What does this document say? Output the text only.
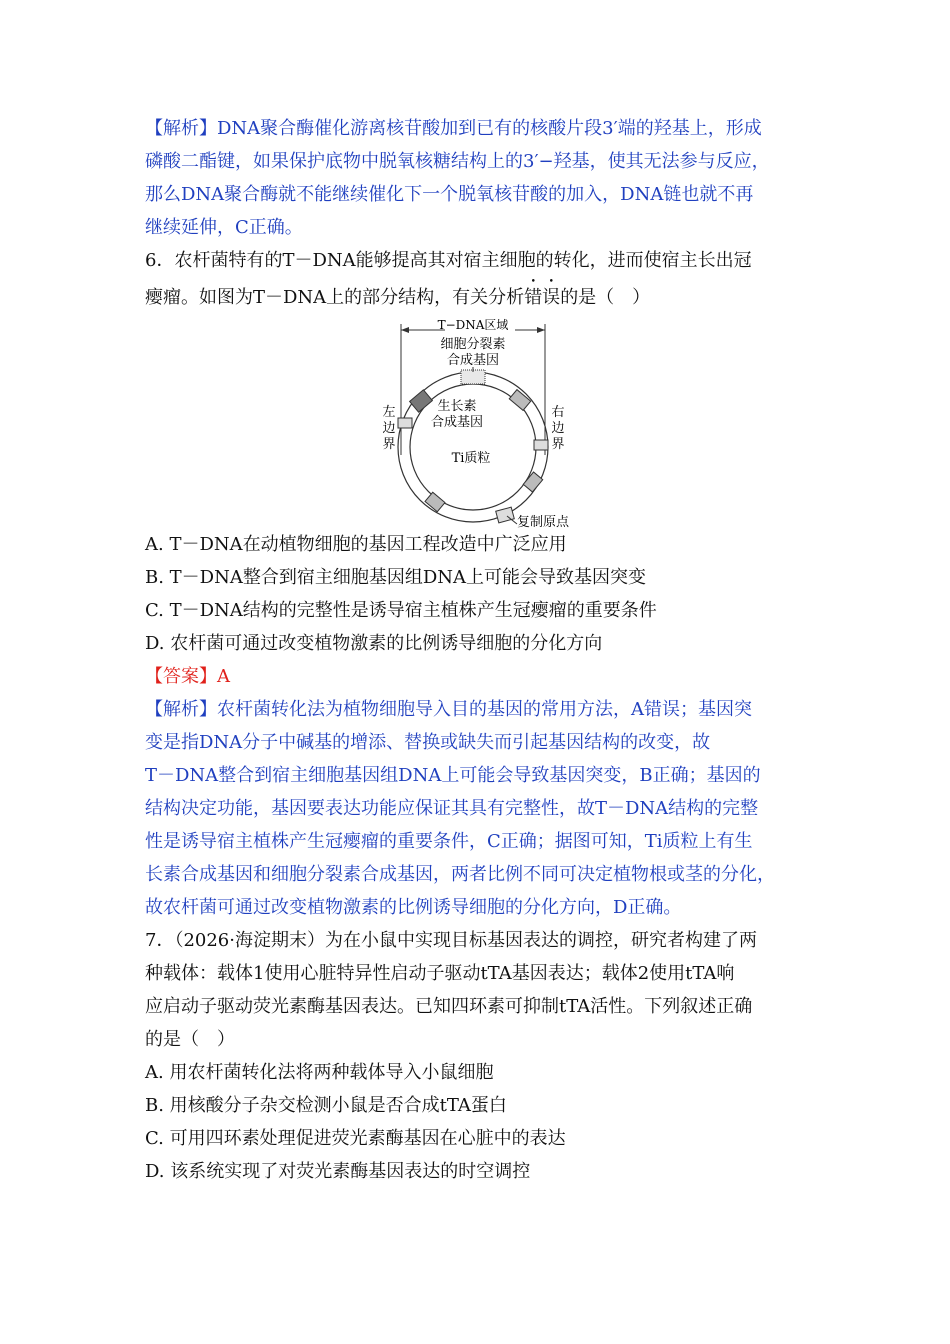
【解析】DNA聚合酶催化游离核苷酸加到已有的核酸片段3′端的羟基上，形成
磷酸二酯键，如果保护底物中脱氧核糖结构上的3′−羟基，使其无法参与反应，
那么DNA聚合酶就不能继续催化下一个脱氧核苷酸的加入，DNA链也就不再
继续延伸，C正确。
6．农杆菌特有的T－DNA能够提高其对宿主细胞的转化，进而使宿主长出冠
瘿瘤。如图为T－DNA上的部分结构，有关分析错误的是（　）
T−DNA区域
细胞分裂素
合成基因
生长素
合成基因
Ti质粒
左
边
界
右
边
界
复制原点
A. T－DNA在动植物细胞的基因工程改造中广泛应用
B. T－DNA整合到宿主细胞基因组DNA上可能会导致基因突变
C. T－DNA结构的完整性是诱导宿主植株产生冠瘿瘤的重要条件
D. 农杆菌可通过改变植物激素的比例诱导细胞的分化方向
【答案】A
【解析】农杆菌转化法为植物细胞导入目的基因的常用方法，A错误；基因突
变是指DNA分子中碱基的增添、替换或缺失而引起基因结构的改变，故
T－DNA整合到宿主细胞基因组DNA上可能会导致基因突变，B正确；基因的
结构决定功能，基因要表达功能应保证其具有完整性，故T－DNA结构的完整
性是诱导宿主植株产生冠瘿瘤的重要条件，C正确；据图可知，Ti质粒上有生
长素合成基因和细胞分裂素合成基因，两者比例不同可决定植物根或茎的分化，
故农杆菌可通过改变植物激素的比例诱导细胞的分化方向，D正确。
7．（2026·海淀期末）为在小鼠中实现目标基因表达的调控，研究者构建了两
种载体：载体1使用心脏特异性启动子驱动tTA基因表达；载体2使用tTA响
应启动子驱动荧光素酶基因表达。已知四环素可抑制tTA活性。下列叙述正确
的是（　）
A. 用农杆菌转化法将两种载体导入小鼠细胞
B. 用核酸分子杂交检测小鼠是否合成tTA蛋白
C. 可用四环素处理促进荧光素酶基因在心脏中的表达
D. 该系统实现了对荧光素酶基因表达的时空调控
